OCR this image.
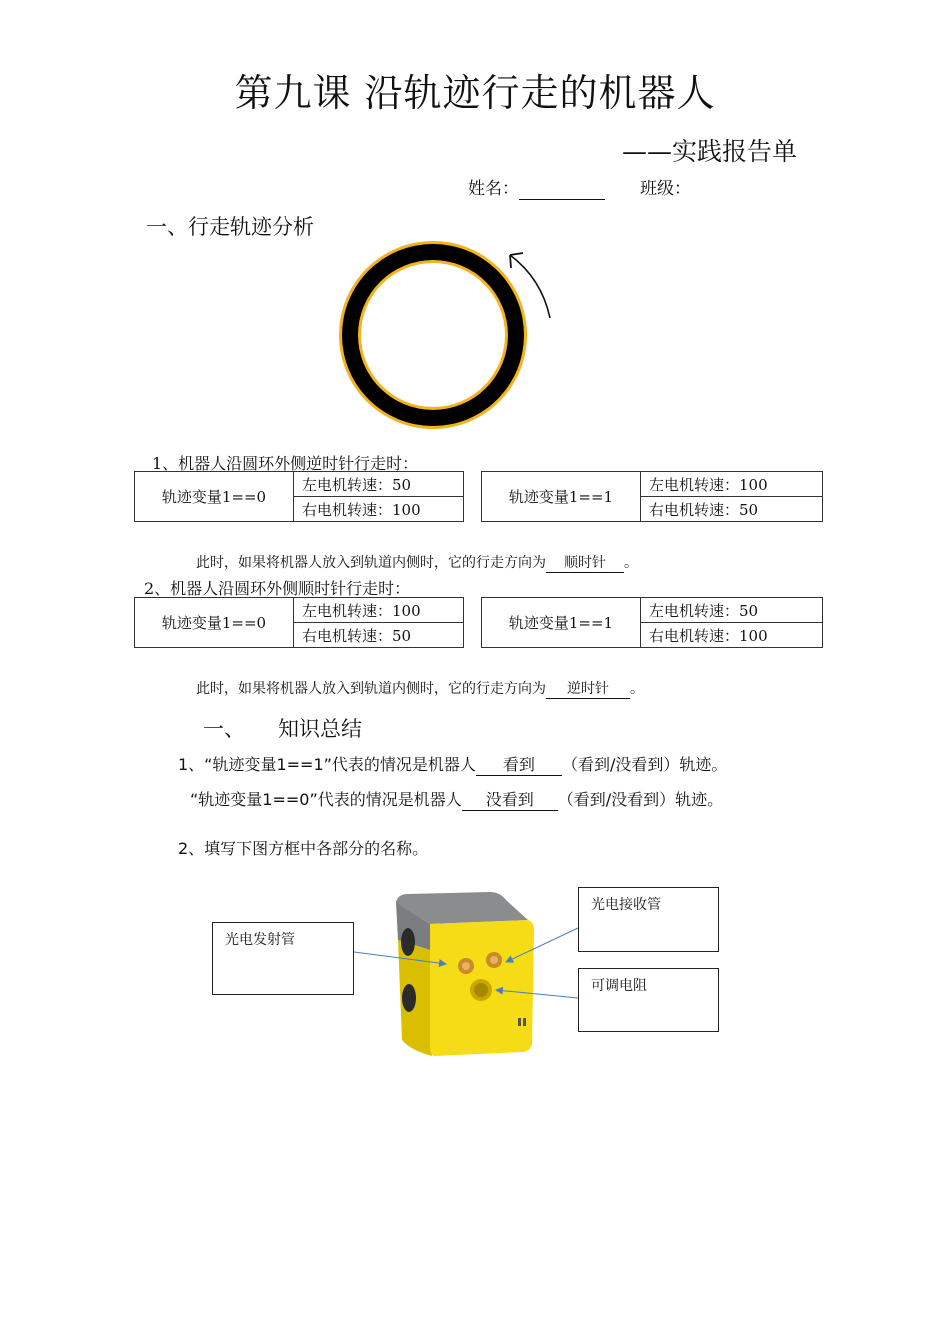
第九课 沿轨迹行走的机器人
——实践报告单
姓名：	班级：
一、行走轨迹分析
1、机器人沿圆环外侧逆时针行走时：
轨迹变量1==0	左电机转速：50
右电机转速：100
轨迹变量1==1	左电机转速：100
右电机转速：50
此时，如果将机器人放入到轨道内侧时，它的行走方向为 顺时针 。
2、机器人沿圆环外侧顺时针行走时：
轨迹变量1==0	左电机转速：100
右电机转速：50
轨迹变量1==1	左电机转速：50
右电机转速：100
此时，如果将机器人放入到轨道内侧时，它的行走方向为 逆时针 。
一、 知识总结
1、“轨迹变量1==1”代表的情况是机器人 看到 （看到/没看到）轨迹。
“轨迹变量1==0”代表的情况是机器人 没看到 （看到/没看到）轨迹。
2、填写下图方框中各部分的名称。
光电发射管
光电接收管
可调电阻
